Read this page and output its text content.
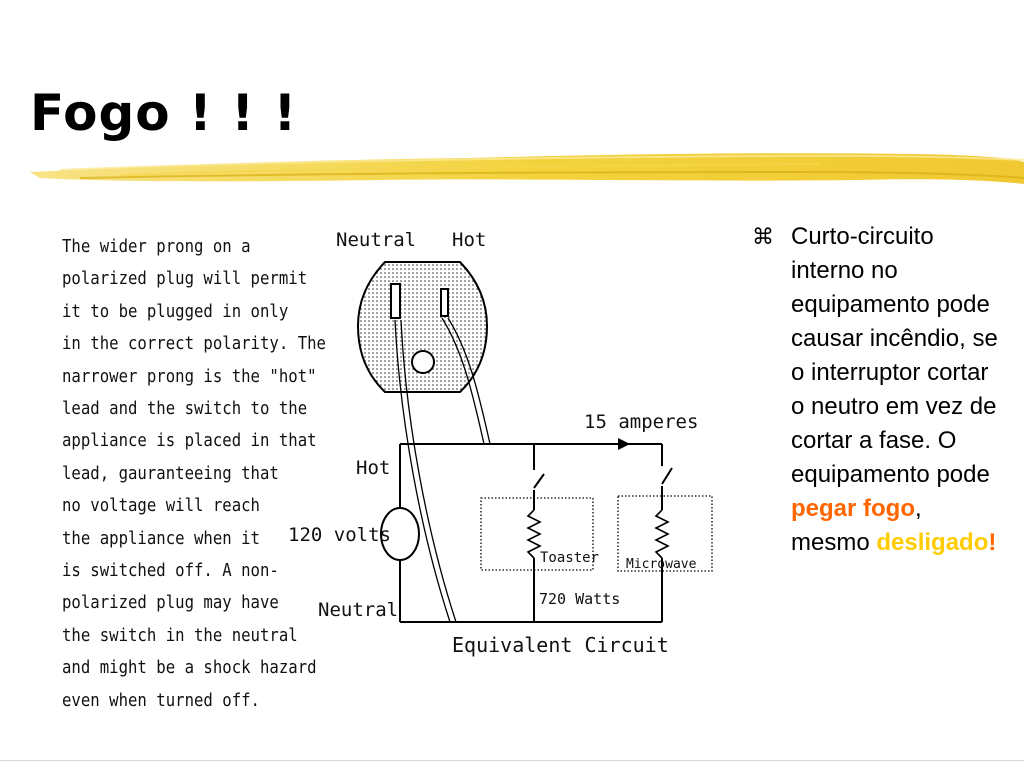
Fogo ! ! !
The wider prong on a
polarized plug will permit
it to be plugged in only
in the correct polarity. The
narrower prong is the "hot"
lead and the switch to the
appliance is placed in that
lead, gauranteeing that
no voltage will reach
the appliance when it
is switched off. A non-
polarized plug may have
the switch in the neutral
and might be a shock hazard
even when turned off.
Neutral Hot
15 amperes
Hot
120 volts
Neutral
Toaster Microwave
720 Watts
Equivalent Circuit
⌘ Curto-circuito interno no equipamento pode causar incêndio, se o interruptor cortar o neutro em vez de cortar a fase. O equipamento pode pegar fogo, mesmo desligado!
